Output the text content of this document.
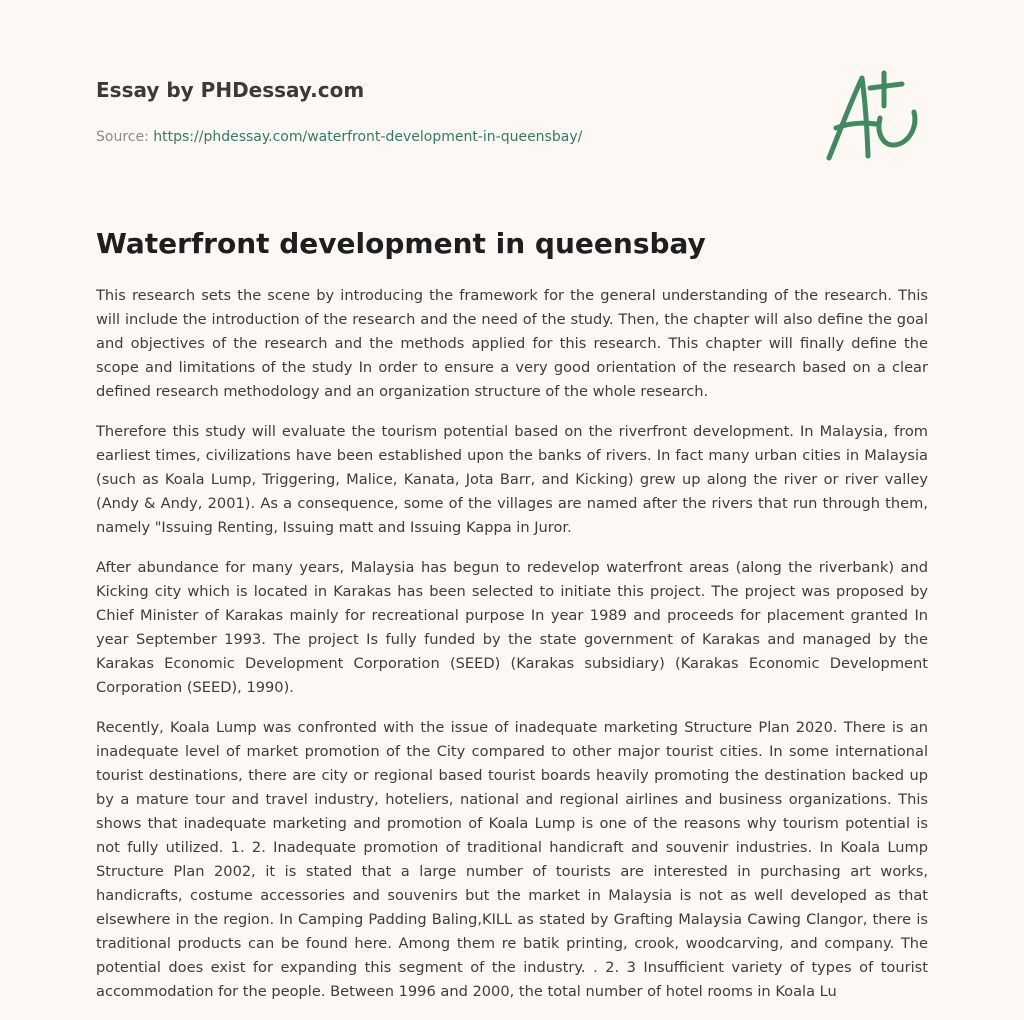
Essay by PHDessay.com
Source: https://phdessay.com/waterfront-development-in-queensbay/
Waterfront development in queensbay

This research sets the scene by introducing the framework for the general understanding of the research. This will include the introduction of the research and the need of the study. Then, the chapter will also define the goal and objectives of the research and the methods applied for this research. This chapter will finally define the scope and limitations of the study In order to ensure a very good orientation of the research based on a clear defined research methodology and an organization structure of the whole research.

Therefore this study will evaluate the tourism potential based on the riverfront development. In Malaysia, from earliest times, civilizations have been established upon the banks of rivers. In fact many urban cities in Malaysia (such as Koala Lump, Triggering, Malice, Kanata, Jota Barr, and Kicking) grew up along the river or river valley (Andy & Andy, 2001). As a consequence, some of the villages are named after the rivers that run through them, namely "Issuing Renting, Issuing matt and Issuing Kappa in Juror.

After abundance for many years, Malaysia has begun to redevelop waterfront areas (along the riverbank) and Kicking city which is located in Karakas has been selected to initiate this project. The project was proposed by Chief Minister of Karakas mainly for recreational purpose In year 1989 and proceeds for placement granted In year September 1993. The project Is fully funded by the state government of Karakas and managed by the Karakas Economic Development Corporation (SEED) (Karakas subsidiary) (Karakas Economic Development Corporation (SEED), 1990).

Recently, Koala Lump was confronted with the issue of inadequate marketing Structure Plan 2020. There is an inadequate level of market promotion of the City compared to other major tourist cities. In some international tourist destinations, there are city or regional based tourist boards heavily promoting the destination backed up by a mature tour and travel industry, hoteliers, national and regional airlines and business organizations. This shows that inadequate marketing and promotion of Koala Lump is one of the reasons why tourism potential is not fully utilized. 1. 2. Inadequate promotion of traditional handicraft and souvenir industries. In Koala Lump Structure Plan 2002, it is stated that a large number of tourists are interested in purchasing art works, handicrafts, costume accessories and souvenirs but the market in Malaysia is not as well developed as that elsewhere in the region. In Camping Padding Baling,KILL as stated by Grafting Malaysia Cawing Clangor, there is traditional products can be found here. Among them re batik printing, crook, woodcarving, and company. The potential does exist for expanding this segment of the industry. . 2. 3 Insufficient variety of types of tourist accommodation for the people. Between 1996 and 2000, the total number of hotel rooms in Koala Lu
